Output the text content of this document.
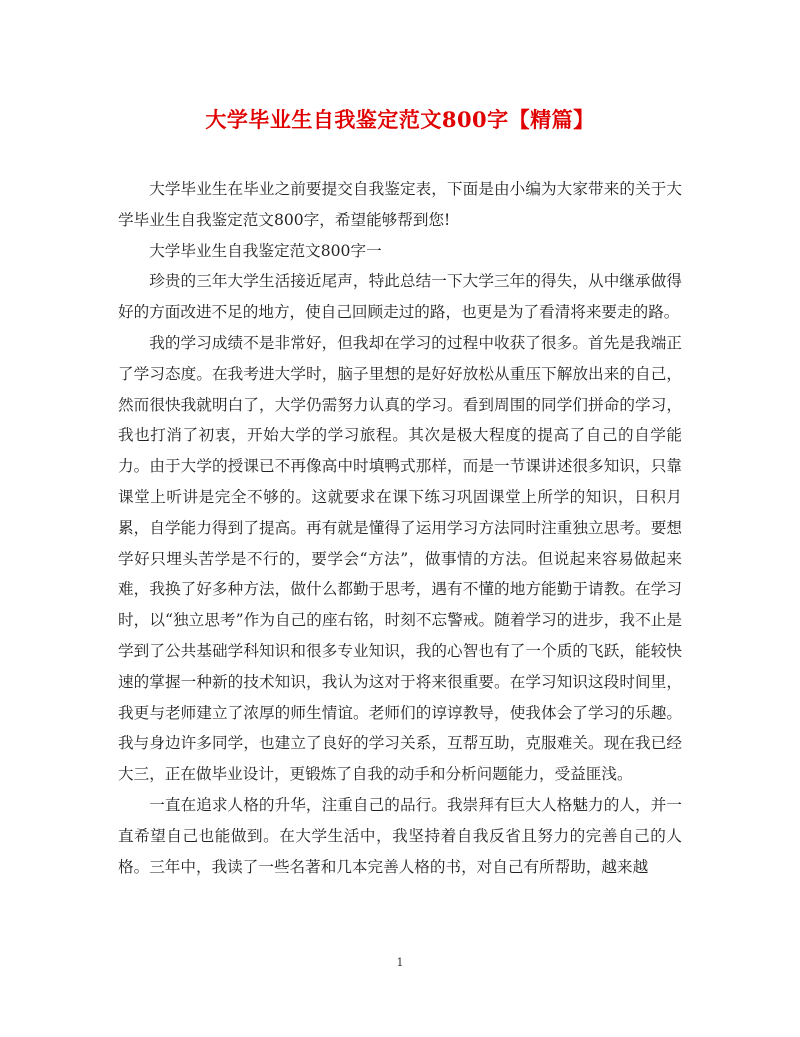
大学毕业生自我鉴定范文800字【精篇】

大学毕业生在毕业之前要提交自我鉴定表，下面是由小编为大家带来的关于大学毕业生自我鉴定范文800字，希望能够帮到您!

大学毕业生自我鉴定范文800字一

珍贵的三年大学生活接近尾声，特此总结一下大学三年的得失，从中继承做得好的方面改进不足的地方，使自己回顾走过的路，也更是为了看清将来要走的路。

我的学习成绩不是非常好，但我却在学习的过程中收获了很多。首先是我端正了学习态度。在我考进大学时，脑子里想的是好好放松从重压下解放出来的自己，然而很快我就明白了，大学仍需努力认真的学习。看到周围的同学们拼命的学习，我也打消了初衷，开始大学的学习旅程。其次是极大程度的提高了自己的自学能力。由于大学的授课已不再像高中时填鸭式那样，而是一节课讲述很多知识，只靠课堂上听讲是完全不够的。这就要求在课下练习巩固课堂上所学的知识，日积月累，自学能力得到了提高。再有就是懂得了运用学习方法同时注重独立思考。要想学好只埋头苦学是不行的，要学会“方法”，做事情的方法。但说起来容易做起来难，我换了好多种方法，做什么都勤于思考，遇有不懂的地方能勤于请教。在学习时，以“独立思考”作为自己的座右铭，时刻不忘警戒。随着学习的进步，我不止是学到了公共基础学科知识和很多专业知识，我的心智也有了一个质的飞跃，能较快速的掌握一种新的技术知识，我认为这对于将来很重要。在学习知识这段时间里，我更与老师建立了浓厚的师生情谊。老师们的谆谆教导，使我体会了学习的乐趣。我与身边许多同学，也建立了良好的学习关系，互帮互助，克服难关。现在我已经大三，正在做毕业设计，更锻炼了自我的动手和分析问题能力，受益匪浅。

一直在追求人格的升华，注重自己的品行。我崇拜有巨大人格魅力的人，并一直希望自己也能做到。在大学生活中，我坚持着自我反省且努力的完善自己的人格。三年中，我读了一些名著和几本完善人格的书，对自己有所帮助，越来越

1
